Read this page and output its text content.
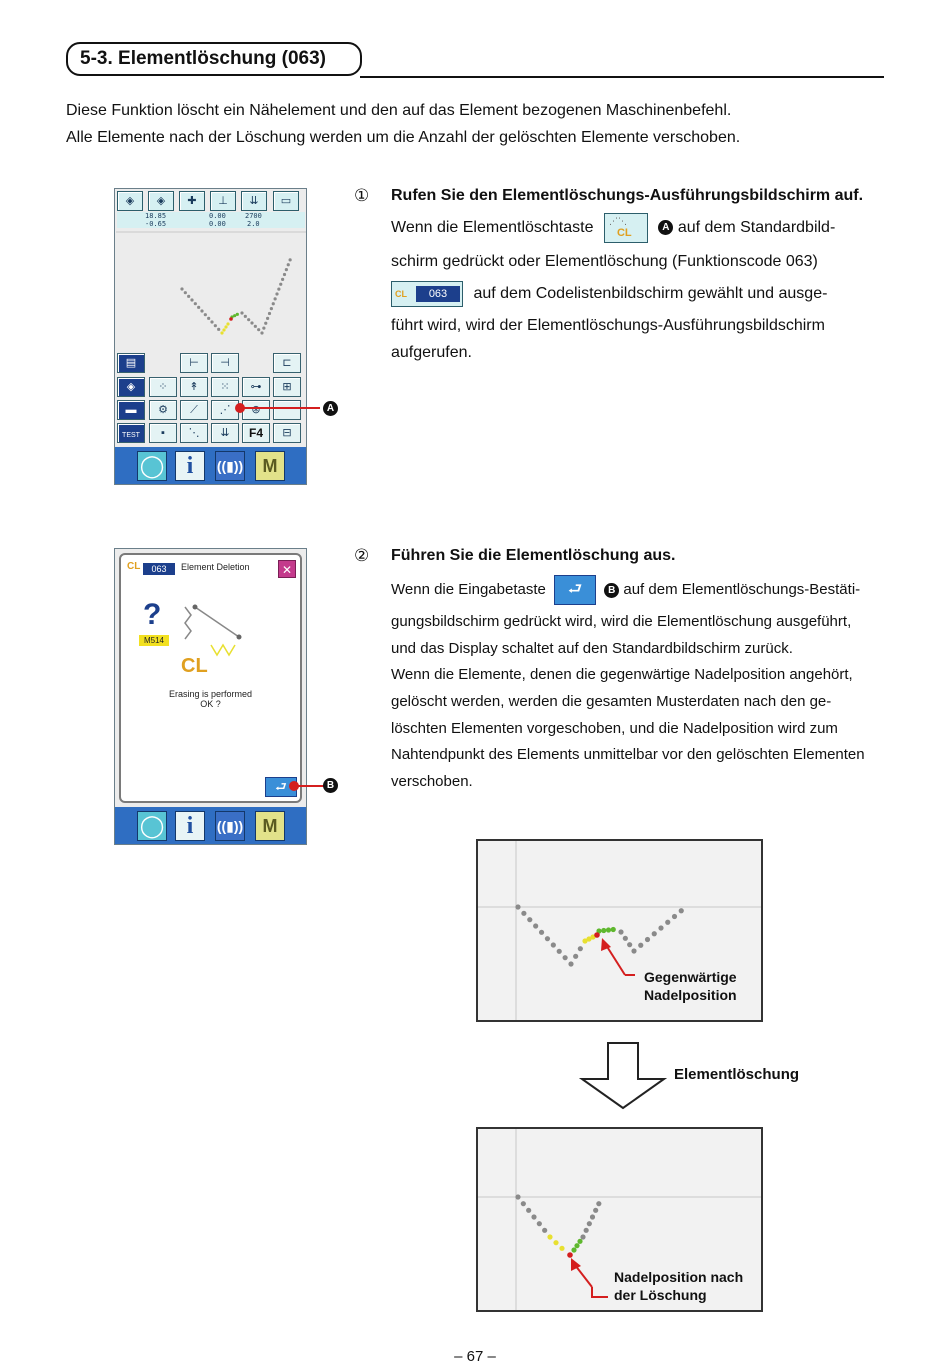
5-3. Elementlöschung (063)
Diese Funktion löscht ein Nähelement und den auf das Element bezogenen Maschinenbefehl.
Alle Elemente nach der Löschung werden um die Anzahl der gelöschten Elemente verschoben.
◈	◈	✚	⊥	⇊	▭
18.85
-0.65
0.00
0.00
2700
2.0
◯ i	((▮))	M
▤	⊢	⊣	⊏
◈	⁘	↟	⁙	⊶	⊞
▬	⚙	⟋	⋰	⊛
TEST	▪	⋱	⇊	F4	⊟
A
① Rufen Sie den Elementlöschungs-Ausführungsbildschirm auf.
Wenn die Elementlöschtaste ⋰⋱
CL	A auf dem Standardbild-
schirm gedrückt oder Elementlöschung (Funktionscode 063)
CL	063	auf dem Codelistenbildschirm gewählt und ausge-
führt wird, wird der Elementlöschungs-Ausführungsbildschirm
aufgerufen.
CL	063	Element Deletion	✕
?
M514
CL
Erasing is performed
OK ?
⮐
◯ i	((▮))	M
B
② Führen Sie die Elementlöschung aus.
Wenn die Eingabetaste ⮐	B auf dem Elementlöschungs-Bestäti-
gungsbildschirm gedrückt wird, wird die Elementlöschung ausgeführt,
und das Display schaltet auf den Standardbildschirm zurück.
Wenn die Elemente, denen die gegenwärtige Nadelposition angehört,
gelöscht werden, werden die gesamten Musterdaten nach den ge-
löschten Elementen vorgeschoben, und die Nadelposition wird zum
Nahtendpunkt des Elements unmittelbar vor den gelöschten Elementen
verschoben.
Gegenwärtige
Nadelposition
Elementlöschung
Nadelposition nach
der Löschung
– 67 –
